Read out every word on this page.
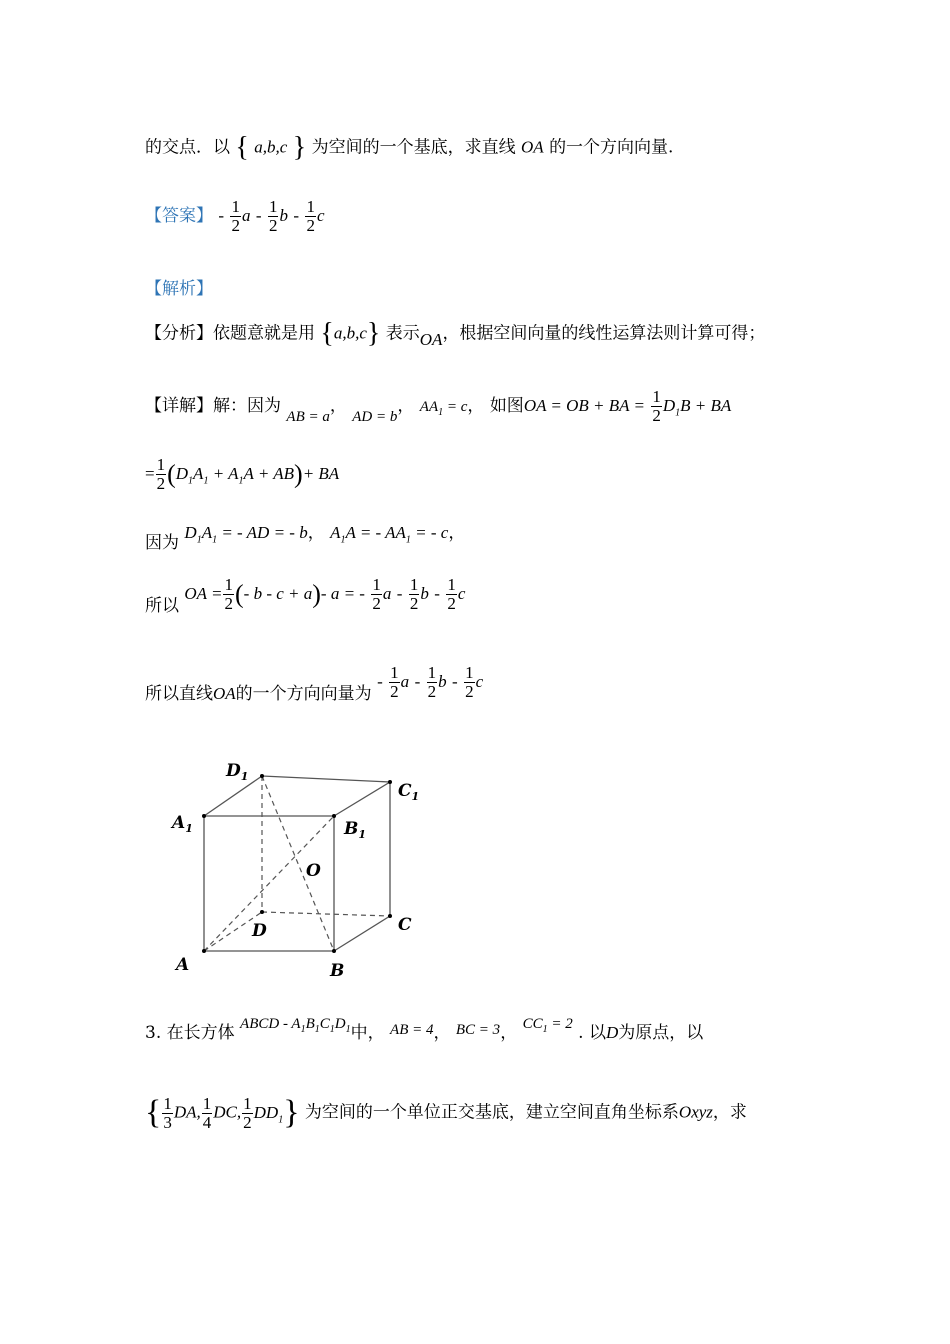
的交点．以 { a,b,c } 为空间的一个基底，求直线 OA 的一个方向向量.
【答案】 - $\frac{1}{2}$ a - $\frac{1}{2}$ b - $\frac{1}{2}$ c
【解析】
【分析】依题意就是用 {a,b,c} 表示OA，根据空间向量的线性运算法则计算可得；
【详解】解：因为 AB = a， AD = b， $AA_1 = c$， 如图OA = OB + BA = $\frac{1}{2} D_1B$ + BA
= $\frac{1}{2} (D_1A_1 + A_1A + AB)+$ BA
因为 $D_1A_1$ = - AD = - b， $A_1A$ = - $AA_1$ = - c，
所以 OA = $\frac{1}{2}$ (- b - c + a)- a = - $\frac{1}{2}$ a - $\frac{1}{2}$ b - $\frac{1}{2}$ c
所以直线OA的一个方向向量为 - $\frac{1}{2}$ a - $\frac{1}{2}$ b - $\frac{1}{2}$ c
$D_1$
$C_1$
$A_1$	$B_1$
O
D	C
A	B
3. 在长方体 ABCD - $A_1B_1C_1D_1$中， AB = 4， BC = 3， $CC_1 = 2$ . 以D为原点，以
{ $\frac{1}{3}$ DA, $\frac{1}{4}$ DC, $\frac{1}{2} DD_1$} 为空间的一个单位正交基底，建立空间直角坐标系Oxyz，求
